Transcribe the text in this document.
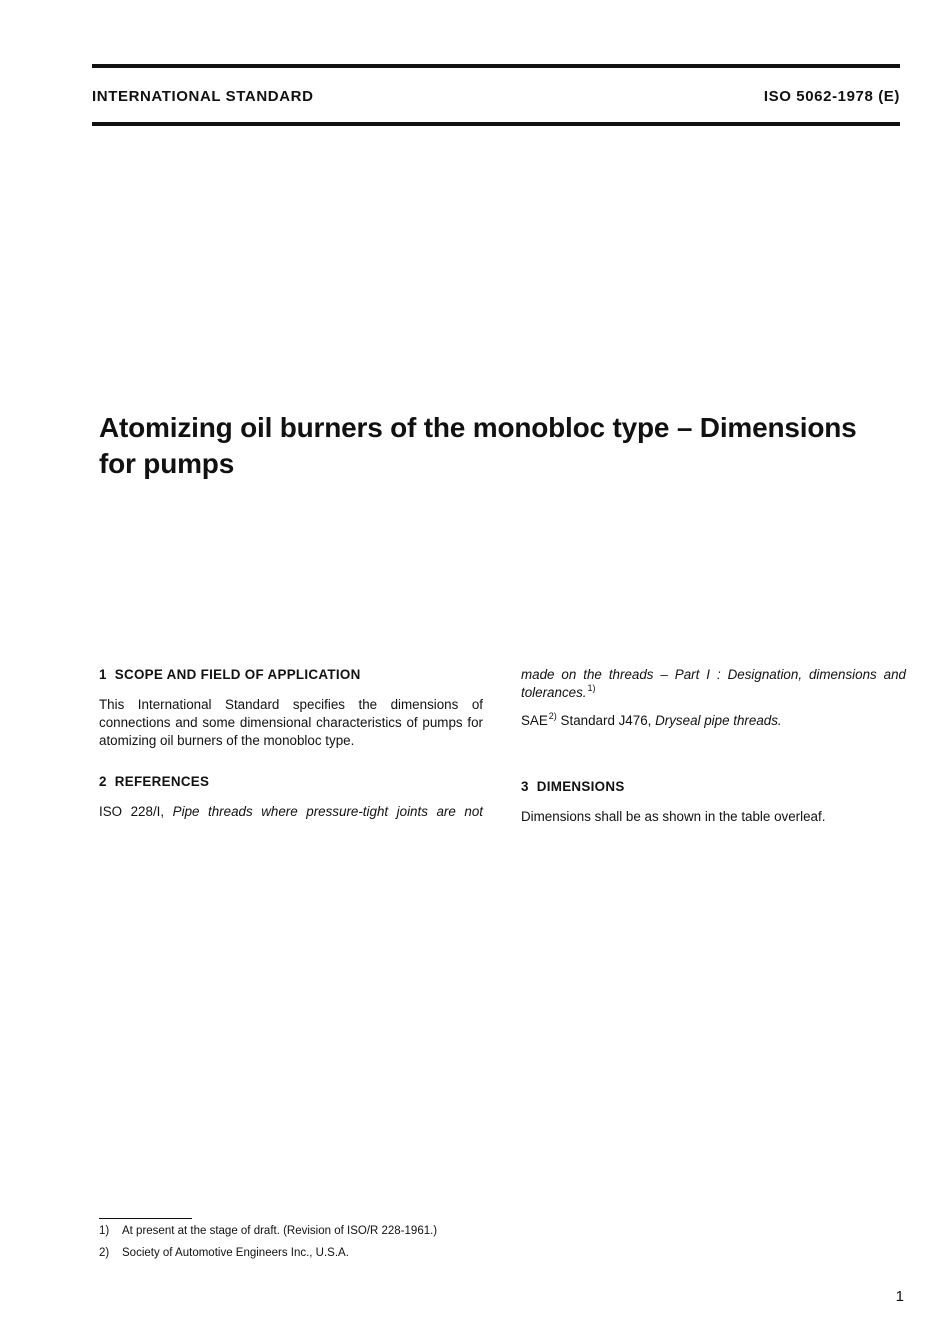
INTERNATIONAL STANDARD	ISO 5062-1978 (E)
Atomizing oil burners of the monobloc type – Dimensions
for pumps
1 SCOPE AND FIELD OF APPLICATION

This International Standard specifies the dimensions of connections and some dimensional characteristics of pumps for atomizing oil burners of the monobloc type.

2 REFERENCES

ISO 228/I, Pipe threads where pressure-tight joints are not

made on the threads – Part I : Designation, dimensions and tolerances.$^{1)}$

SAE$^{2)}$ Standard J476, Dryseal pipe threads.

3 DIMENSIONS

Dimensions shall be as shown in the table overleaf.

1) At present at the stage of draft. (Revision of ISO/R 228-1961.)
2) Society of Automotive Engineers Inc., U.S.A.
1
